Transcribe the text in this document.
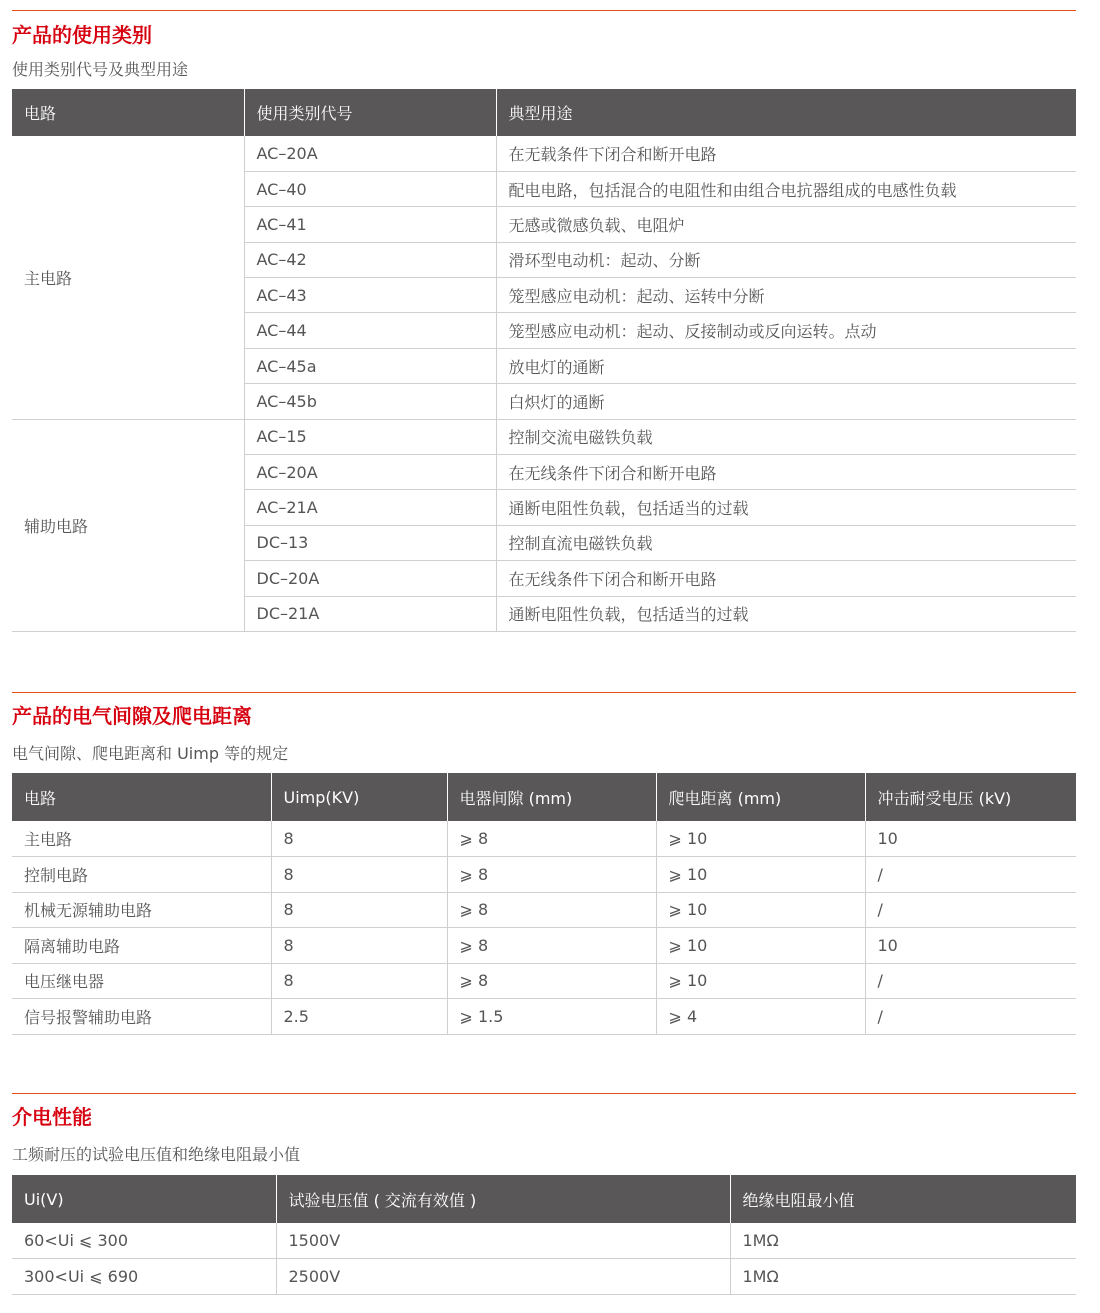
产品的使用类别

使用类别代号及典型用途

电路	使用类别代号	典型用途
主电路	AC–20A	在无载条件下闭合和断开电路
	AC–40	配电电路，包括混合的电阻性和由组合电抗器组成的电感性负载
	AC–41	无感或微感负载、电阻炉
	AC–42	滑环型电动机：起动、分断
	AC–43	笼型感应电动机：起动、运转中分断
	AC–44	笼型感应电动机：起动、反接制动或反向运转。点动
	AC–45a	放电灯的通断
	AC–45b	白炽灯的通断
辅助电路	AC–15	控制交流电磁铁负载
	AC–20A	在无线条件下闭合和断开电路
	AC–21A	通断电阻性负载，包括适当的过载
	DC–13	控制直流电磁铁负载
	DC–20A	在无线条件下闭合和断开电路
	DC–21A	通断电阻性负载，包括适当的过载
产品的电气间隙及爬电距离

电气间隙、爬电距离和 Uimp 等的规定

电路	Uimp(KV)	电器间隙 (mm)	爬电距离 (mm)	冲击耐受电压 (kV)
主电路	8	⩾ 8	⩾ 10	10
控制电路	8	⩾ 8	⩾ 10	/
机械无源辅助电路	8	⩾ 8	⩾ 10	/
隔离辅助电路	8	⩾ 8	⩾ 10	10
电压继电器	8	⩾ 8	⩾ 10	/
信号报警辅助电路	2.5	⩾ 1.5	⩾ 4	/
介电性能

工频耐压的试验电压值和绝缘电阻最小值

Ui(V)	试验电压值 ( 交流有效值 )	绝缘电阻最小值
60<Ui ⩽ 300	1500V	1MΩ
300<Ui ⩽ 690	2500V	1MΩ
